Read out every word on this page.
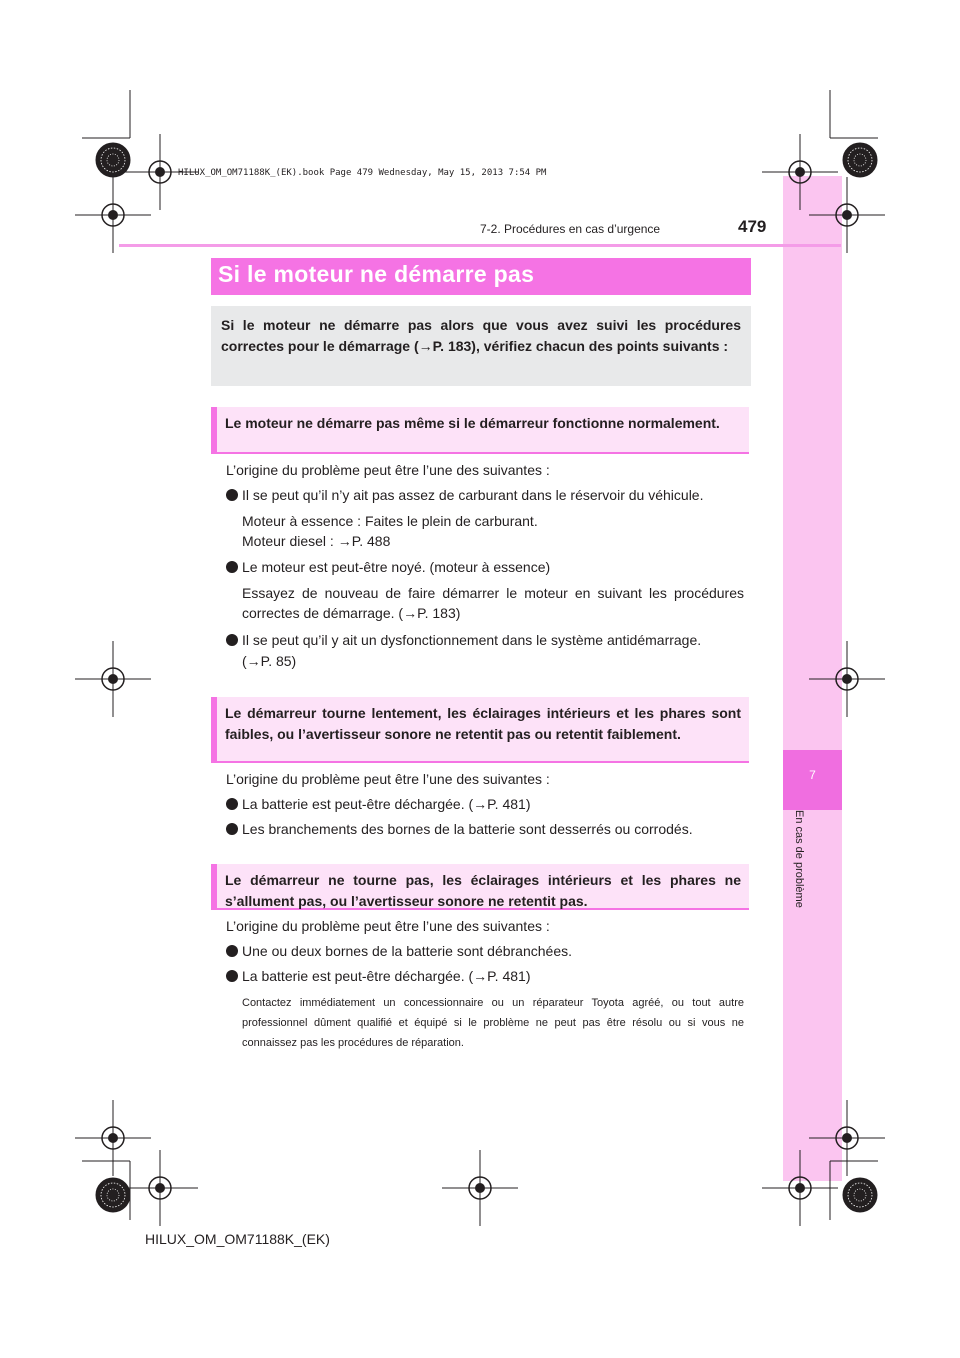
7
En cas de problème
HILUX_OM_OM71188K_(EK).book Page 479 Wednesday, May 15, 2013 7:54 PM
7-2. Procédures en cas d’urgence	479
Si le moteur ne démarre pas
Si le moteur ne démarre pas alors que vous avez suivi les procédures correctes pour le démarrage (→P. 183), vérifiez chacun des points suivants :
Le moteur ne démarre pas même si le démarreur fonctionne normalement.
L’origine du problème peut être l’une des suivantes :
Il se peut qu’il n’y ait pas assez de carburant dans le réservoir du véhicule.
Moteur à essence : Faites le plein de carburant.
Moteur diesel : →P. 488
Le moteur est peut-être noyé. (moteur à essence)
Essayez de nouveau de faire démarrer le moteur en suivant les procédures correctes de démarrage. (→P. 183)
Il se peut qu’il y ait un dysfonctionnement dans le système antidémarrage.
(→P. 85)
Le démarreur tourne lentement, les éclairages intérieurs et les phares sont faibles, ou l’avertisseur sonore ne retentit pas ou retentit faiblement.
L’origine du problème peut être l’une des suivantes :
La batterie est peut-être déchargée. (→P. 481)
Les branchements des bornes de la batterie sont desserrés ou corrodés.
Le démarreur ne tourne pas, les éclairages intérieurs et les phares ne s’allument pas, ou l’avertisseur sonore ne retentit pas.
L’origine du problème peut être l’une des suivantes :
Une ou deux bornes de la batterie sont débranchées.
La batterie est peut-être déchargée. (→P. 481)
Contactez immédiatement un concessionnaire ou un réparateur Toyota agréé, ou tout autre professionnel dûment qualifié et équipé si le problème ne peut pas être résolu ou si vous ne connaissez pas les procédures de réparation.
HILUX_OM_OM71188K_(EK)
